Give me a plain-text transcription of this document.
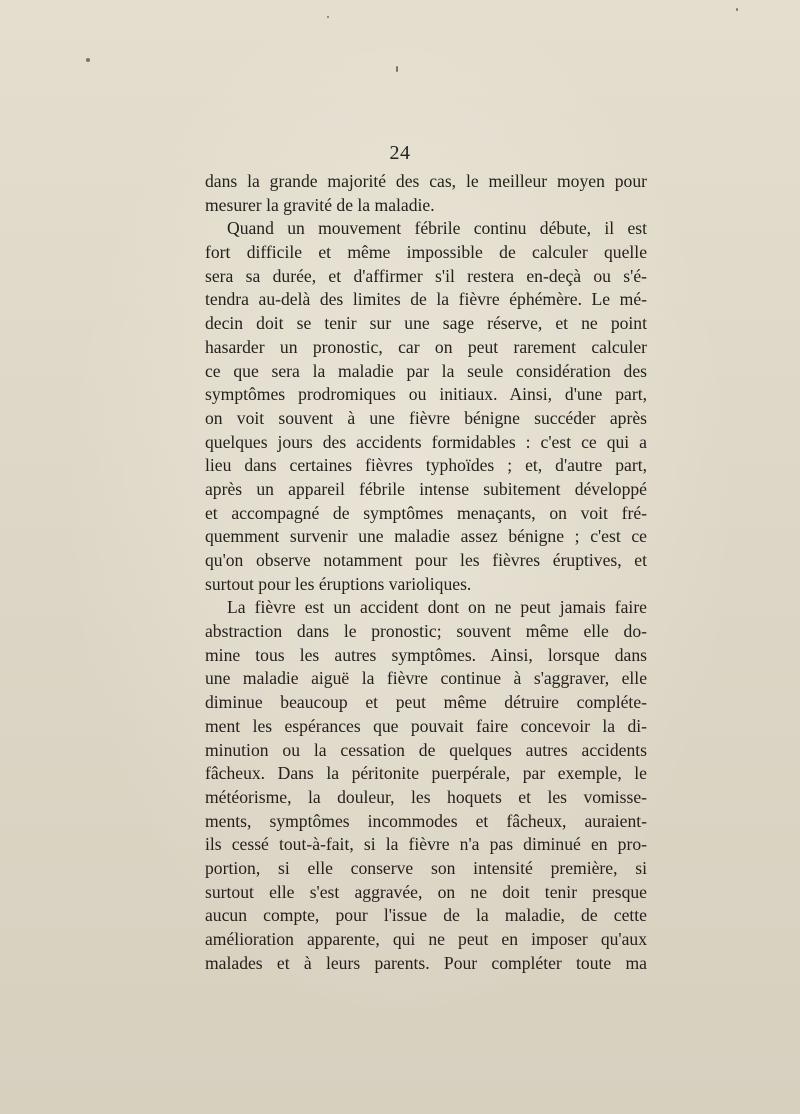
24
dans la grande majorité des cas, le meilleur moyen pour
mesurer la gravité de la maladie.
Quand un mouvement fébrile continu débute, il est
fort difficile et même impossible de calculer quelle
sera sa durée, et d'affirmer s'il restera en-deçà ou s'é-
tendra au-delà des limites de la fièvre éphémère. Le mé-
decin doit se tenir sur une sage réserve, et ne point
hasarder un pronostic, car on peut rarement calculer
ce que sera la maladie par la seule considération des
symptômes prodromiques ou initiaux. Ainsi, d'une part,
on voit souvent à une fièvre bénigne succéder après
quelques jours des accidents formidables : c'est ce qui a
lieu dans certaines fièvres typhoïdes ; et, d'autre part,
après un appareil fébrile intense subitement développé
et accompagné de symptômes menaçants, on voit fré-
quemment survenir une maladie assez bénigne ; c'est ce
qu'on observe notamment pour les fièvres éruptives, et
surtout pour les éruptions varioliques.
La fièvre est un accident dont on ne peut jamais faire
abstraction dans le pronostic; souvent même elle do-
mine tous les autres symptômes. Ainsi, lorsque dans
une maladie aiguë la fièvre continue à s'aggraver, elle
diminue beaucoup et peut même détruire compléte-
ment les espérances que pouvait faire concevoir la di-
minution ou la cessation de quelques autres accidents
fâcheux. Dans la péritonite puerpérale, par exemple, le
météorisme, la douleur, les hoquets et les vomisse-
ments, symptômes incommodes et fâcheux, auraient-
ils cessé tout-à-fait, si la fièvre n'a pas diminué en pro-
portion, si elle conserve son intensité première, si
surtout elle s'est aggravée, on ne doit tenir presque
aucun compte, pour l'issue de la maladie, de cette
amélioration apparente, qui ne peut en imposer qu'aux
malades et à leurs parents. Pour compléter toute ma
